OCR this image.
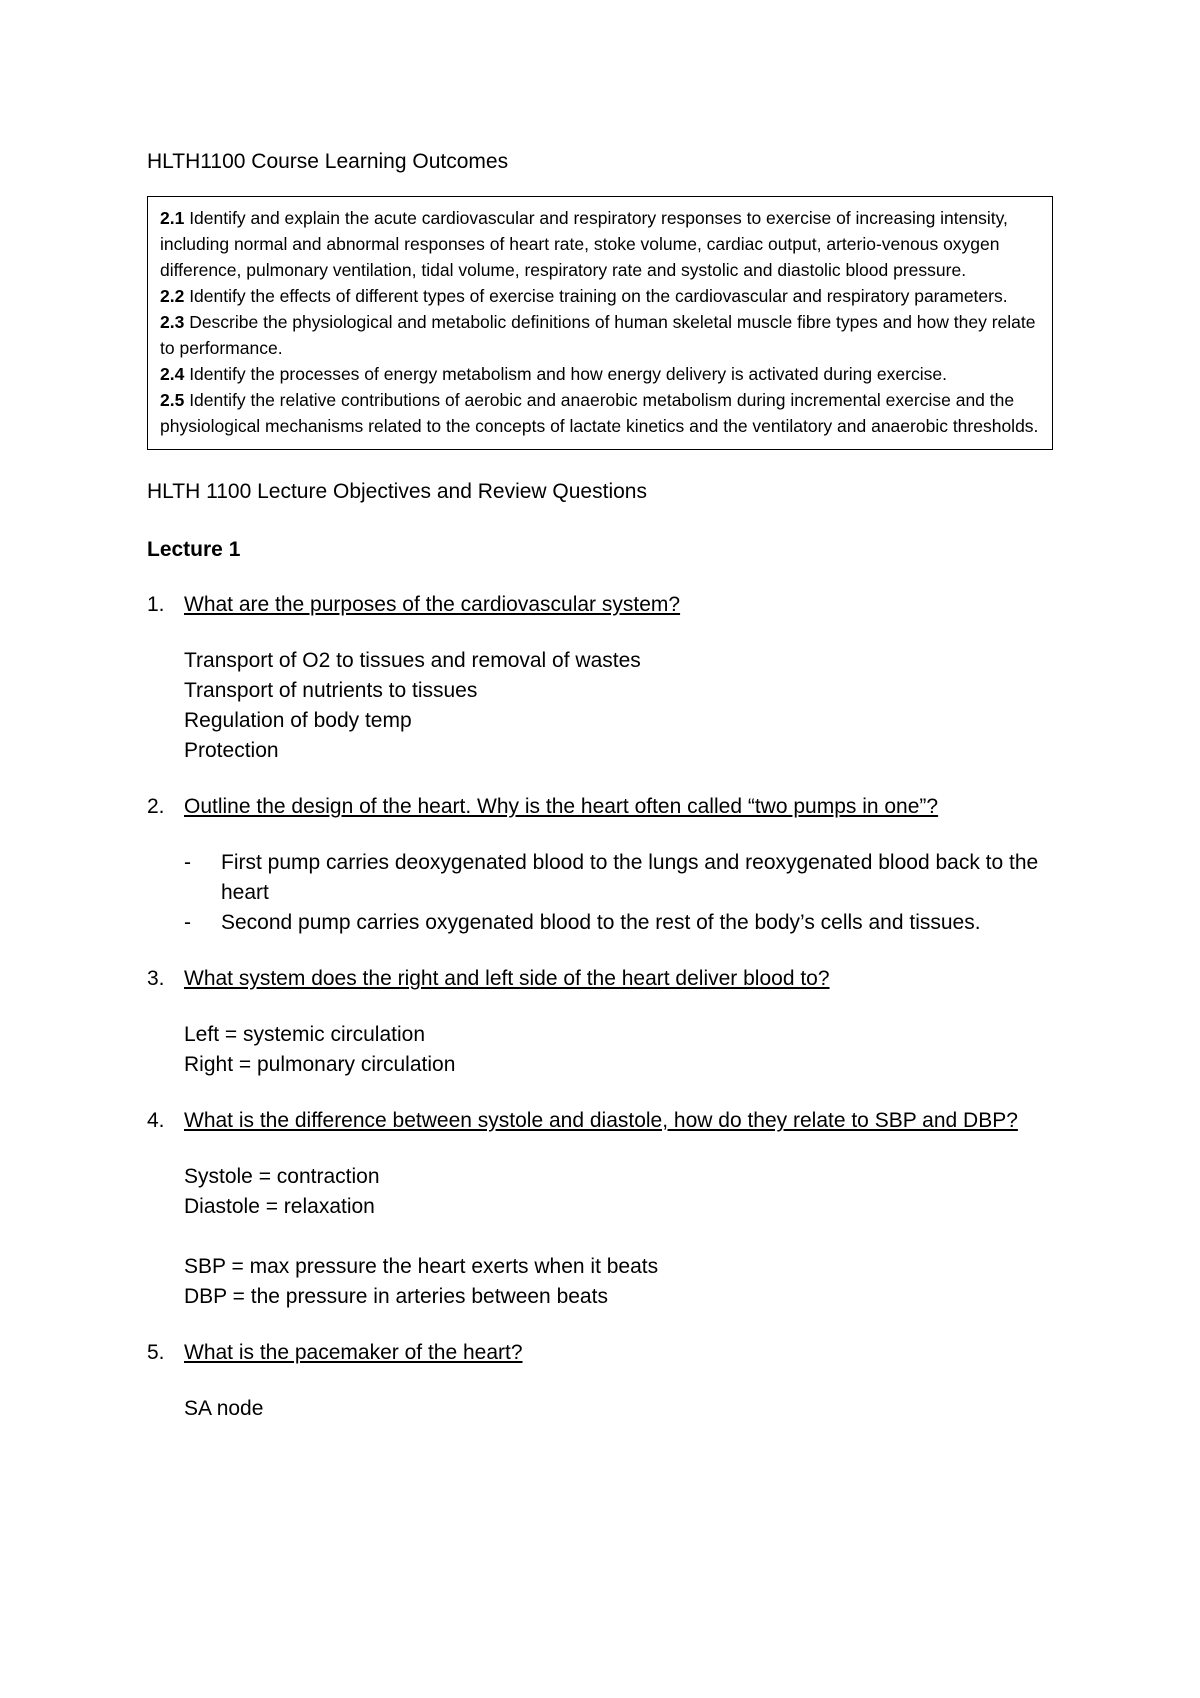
HLTH1100 Course Learning Outcomes

2.1 Identify and explain the acute cardiovascular and respiratory responses to exercise of increasing intensity, including normal and abnormal responses of heart rate, stoke volume, cardiac output, arterio-venous oxygen difference, pulmonary ventilation, tidal volume, respiratory rate and systolic and diastolic blood pressure.

2.2 Identify the effects of different types of exercise training on the cardiovascular and respiratory parameters.

2.3 Describe the physiological and metabolic definitions of human skeletal muscle fibre types and how they relate to performance.

2.4 Identify the processes of energy metabolism and how energy delivery is activated during exercise.

2.5 Identify the relative contributions of aerobic and anaerobic metabolism during incremental exercise and the physiological mechanisms related to the concepts of lactate kinetics and the ventilatory and anaerobic thresholds.

HLTH 1100 Lecture Objectives and Review Questions
Lecture 1
1. What are the purposes of the cardiovascular system?
Transport of O2 to tissues and removal of wastes
Transport of nutrients to tissues
Regulation of body temp
Protection
2. Outline the design of the heart. Why is the heart often called “two pumps in one”?
-	First pump carries deoxygenated blood to the lungs and reoxygenated blood back to the heart
-	Second pump carries oxygenated blood to the rest of the body’s cells and tissues.
3. What system does the right and left side of the heart deliver blood to?
Left = systemic circulation
Right = pulmonary circulation
4. What is the difference between systole and diastole, how do they relate to SBP and DBP?
Systole = contraction
Diastole = relaxation
SBP = max pressure the heart exerts when it beats
DBP = the pressure in arteries between beats
5. What is the pacemaker of the heart?
SA node
